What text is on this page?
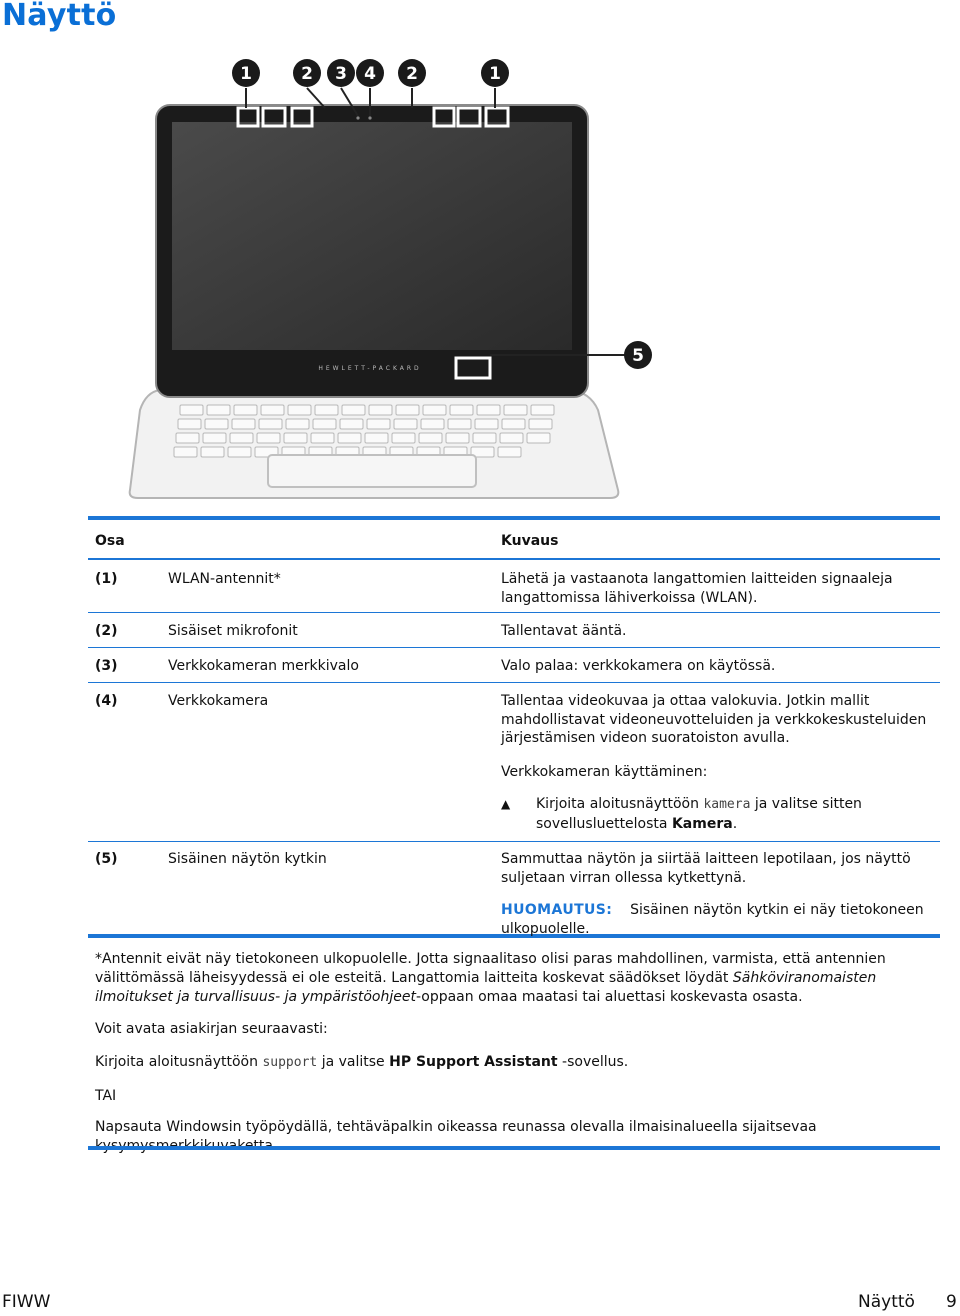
Näyttö
HEWLETT-PACKARD
1	2 3 4 2	1
5
Osa	Kuvaus
(1)	WLAN-antennit*	Lähetä ja vastaanota langattomien laitteiden signaaleja langattomissa lähiverkoissa (WLAN).
(2)	Sisäiset mikrofonit	Tallentavat ääntä.
(3)	Verkkokameran merkkivalo	Valo palaa: verkkokamera on käytössä.
(4)	Verkkokamera	Tallentaa videokuvaa ja ottaa valokuvia. Jotkin mallit mahdollistavat videoneuvotteluiden ja verkkokeskusteluiden järjestämisen videon suoratoiston avulla.
Verkkokameran käyttäminen:
▲ Kirjoita aloitusnäyttöön kamera ja valitse sitten sovellusluettelosta Kamera.
(5)	Sisäinen näytön kytkin	Sammuttaa näytön ja siirtää laitteen lepotilaan, jos näyttö suljetaan virran ollessa kytkettynä.
HUOMAUTUS: Sisäinen näytön kytkin ei näy tietokoneen ulkopuolelle.
*Antennit eivät näy tietokoneen ulkopuolelle. Jotta signaalitaso olisi paras mahdollinen, varmista, että antennien välittömässä läheisyydessä ei ole esteitä. Langattomia laitteita koskevat säädökset löydät Sähköviranomaisten ilmoitukset ja turvallisuus- ja ympäristöohjeet-oppaan omaa maatasi tai aluettasi koskevasta osasta.
Voit avata asiakirjan seuraavasti:
Kirjoita aloitusnäyttöön support ja valitse HP Support Assistant -sovellus.
TAI
Napsauta Windowsin työpöydällä, tehtäväpalkin oikeassa reunassa olevalla ilmaisinalueella sijaitsevaa
FIWW	Näyttö 9
